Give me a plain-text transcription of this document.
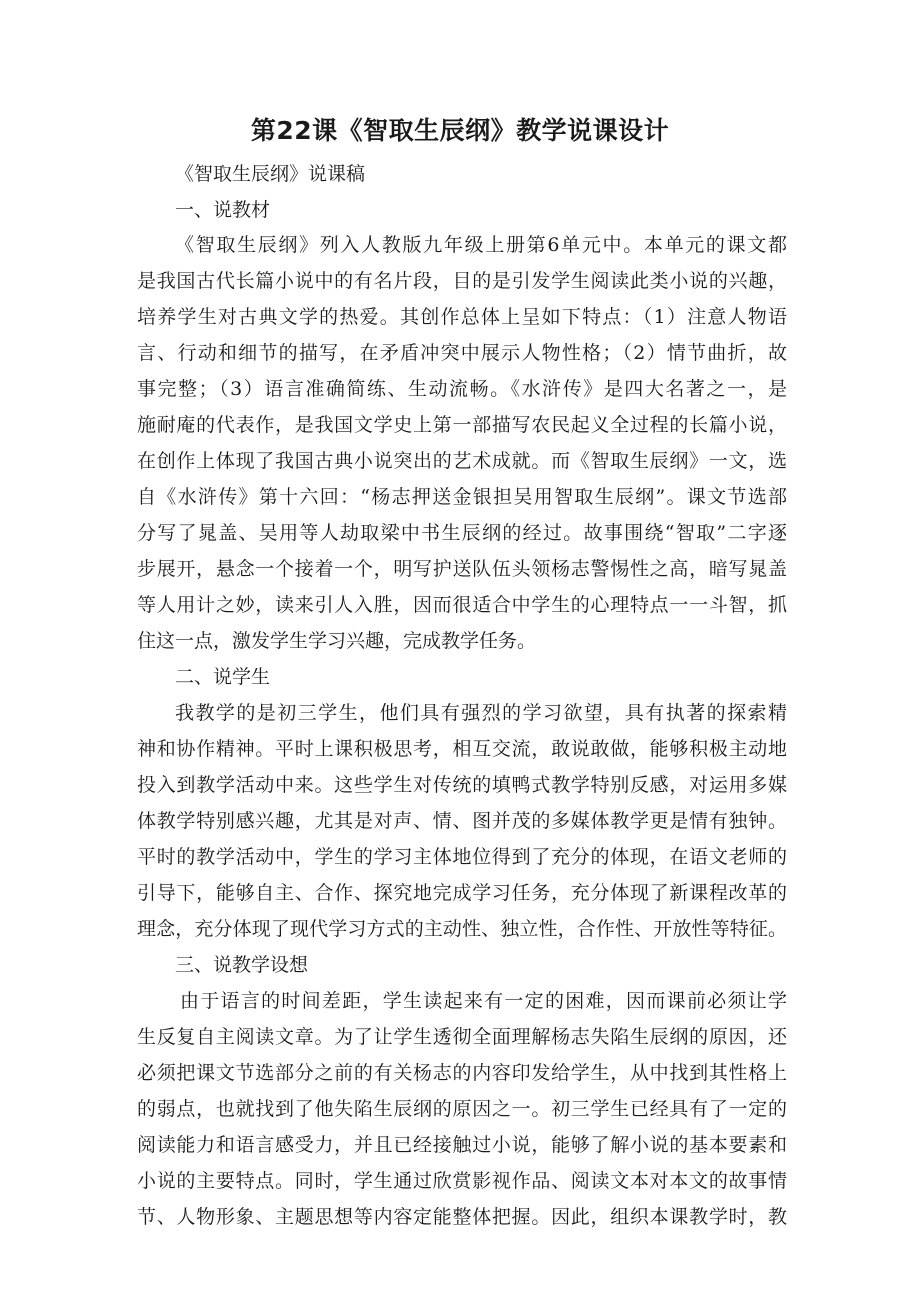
第22课《智取生辰纲》教学说课设计
《智取生辰纲》说课稿
一、说教材
《智取生辰纲》列入人教版九年级上册第6单元中。本单元的课文都
是我国古代长篇小说中的有名片段，目的是引发学生阅读此类小说的兴趣，
培养学生对古典文学的热爱。其创作总体上呈如下特点：（1）注意人物语
言、行动和细节的描写，在矛盾冲突中展示人物性格；（2）情节曲折，故
事完整；（3）语言准确简练、生动流畅。《水浒传》是四大名著之一，是
施耐庵的代表作，是我国文学史上第一部描写农民起义全过程的长篇小说，
在创作上体现了我国古典小说突出的艺术成就。而《智取生辰纲》一文，选
自《水浒传》第十六回：“杨志押送金银担吴用智取生辰纲”。课文节选部
分写了晁盖、吴用等人劫取梁中书生辰纲的经过。故事围绕“智取”二字逐
步展开，悬念一个接着一个，明写护送队伍头领杨志警惕性之高，暗写晁盖
等人用计之妙，读来引人入胜，因而很适合中学生的心理特点一一斗智，抓
住这一点，激发学生学习兴趣，完成教学任务。
二、说学生
我教学的是初三学生，他们具有强烈的学习欲望，具有执著的探索精
神和协作精神。平时上课积极思考，相互交流，敢说敢做，能够积极主动地
投入到教学活动中来。这些学生对传统的填鸭式教学特别反感，对运用多媒
体教学特别感兴趣，尤其是对声、情、图并茂的多媒体教学更是情有独钟。
平时的教学活动中，学生的学习主体地位得到了充分的体现，在语文老师的
引导下，能够自主、合作、探究地完成学习任务，充分体现了新课程改革的
理念，充分体现了现代学习方式的主动性、独立性，合作性、开放性等特征。
三、说教学设想
由于语言的时间差距，学生读起来有一定的困难，因而课前必须让学
生反复自主阅读文章。为了让学生透彻全面理解杨志失陷生辰纲的原因，还
必须把课文节选部分之前的有关杨志的内容印发给学生，从中找到其性格上
的弱点，也就找到了他失陷生辰纲的原因之一。初三学生已经具有了一定的
阅读能力和语言感受力，并且已经接触过小说，能够了解小说的基本要素和
小说的主要特点。同时，学生通过欣赏影视作品、阅读文本对本文的故事情
节、人物形象、主题思想等内容定能整体把握。因此，组织本课教学时，教
